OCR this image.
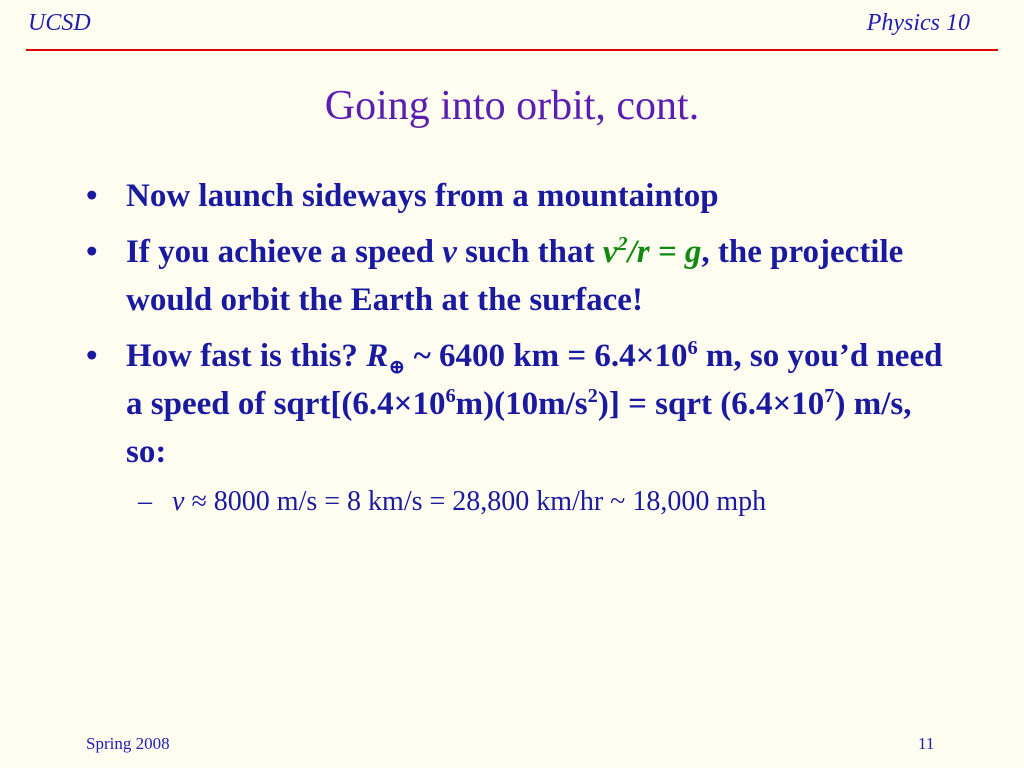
UCSD	Physics 10
Going into orbit, cont.
• Now launch sideways from a mountaintop
• If you achieve a speed v such that $v^2/r = g$, the projectile would orbit the Earth at the surface!
• How fast is this? $R_\oplus$ ~ 6400 km = $6.4\times 10^6$ m, so you’d need a speed of $sqrt[(6.4\times 10^6m)(10m/s^2)]$ = sqrt $(6.4\times 10^7)$ m/s, so:
– v ≈ 8000 m/s = 8 km/s = 28,800 km/hr ~ 18,000 mph
Spring 2008	11
